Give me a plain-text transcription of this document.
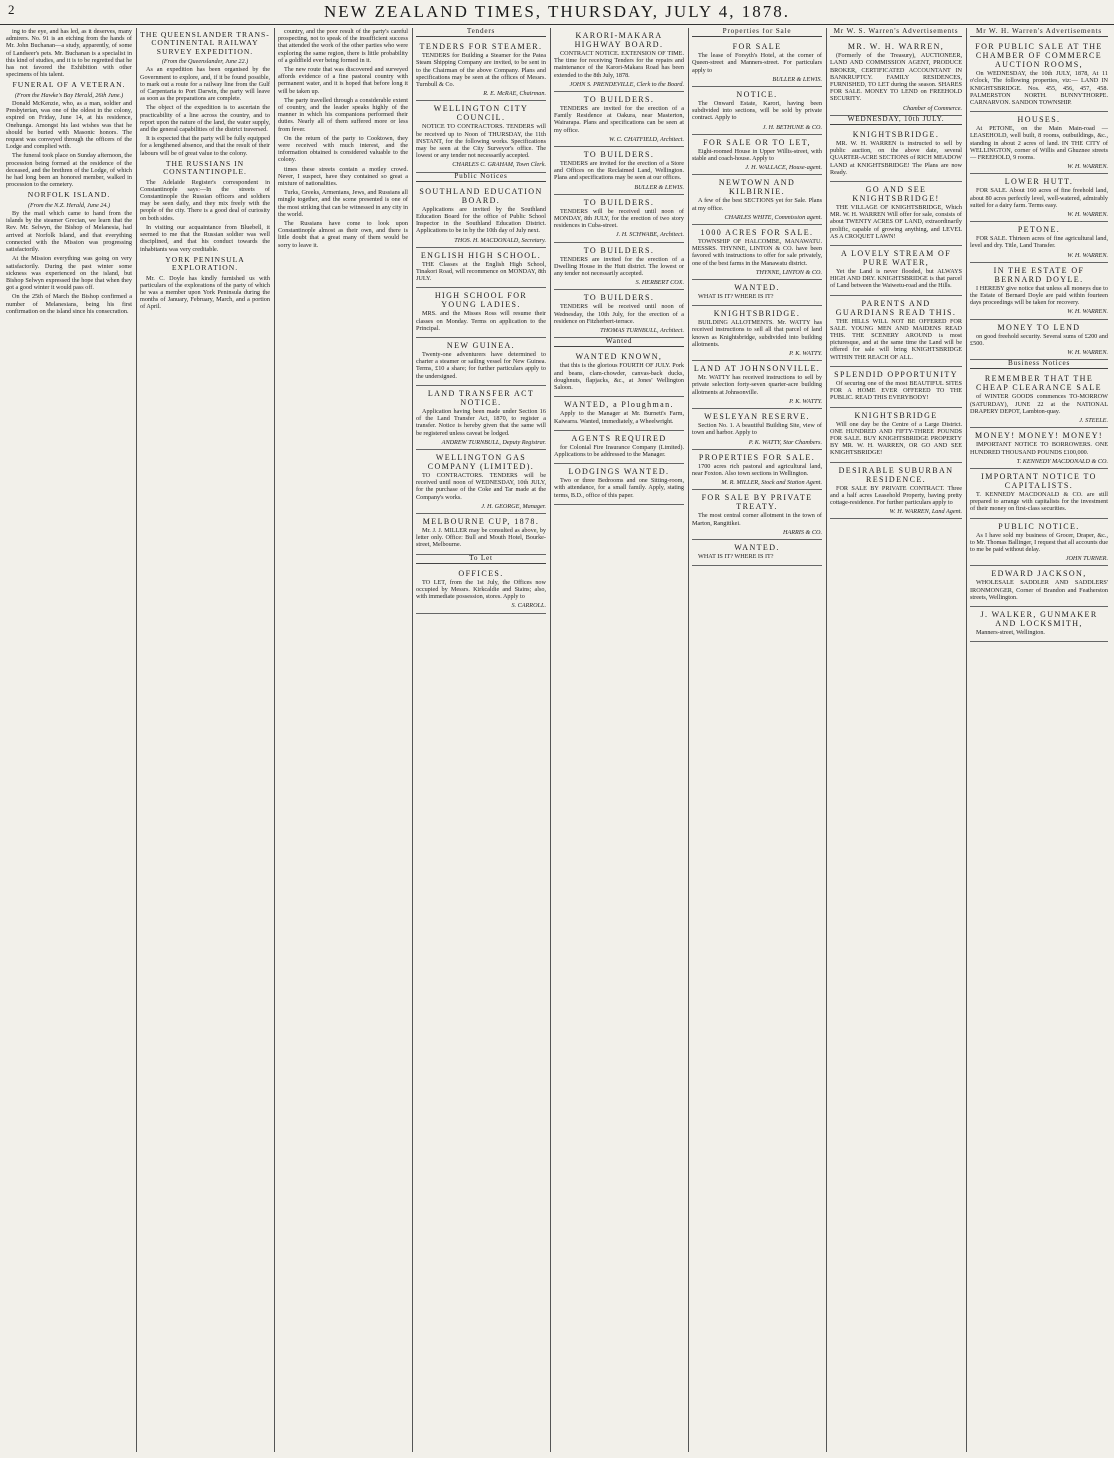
2	NEW ZEALAND TIMES, THURSDAY, JULY 4, 1878.

ing to the eye, and has led, as it deserves, many admirers. No. 91 is an etching from the hands of Mr. John Buchanan—a study, apparently, of some of Landseer's pets. Mr. Buchanan is a specialist in this kind of studies, and it is to be regretted that he has not favored the Exhibition with other specimens of his talent.

FUNERAL OF A VETERAN.
(From the Hawke's Bay Herald, 26th June.)

Donald McKenzie, who, as a man, soldier and Presbyterian, was one of the oldest in the colony, expired on Friday, June 14, at his residence, Onehunga. Amongst his last wishes was that he should be buried with Masonic honors. The request was conveyed through the officers of the Lodge and complied with.

The funeral took place on Sunday afternoon, the procession being formed at the residence of the deceased, and the brethren of the Lodge, of which he had long been an honored member, walked in procession to the cemetery.

NORFOLK ISLAND.
(From the N.Z. Herald, June 24.)

By the mail which came to hand from the islands by the steamer Grecian, we learn that the Rev. Mr. Selwyn, the Bishop of Melanesia, had arrived at Norfolk Island, and that everything connected with the Mission was progressing satisfactorily.

At the Mission everything was going on very satisfactorily. During the past winter some sickness was experienced on the island, but Bishop Selwyn expressed the hope that when they got a good winter it would pass off.

On the 25th of March the Bishop confirmed a number of Melanesians, being his first confirmation on the island since his consecration.

THE QUEENSLANDER TRANS-CONTINENTAL RAILWAY SURVEY EXPEDITION.
(From the Queenslander, June 22.)

As an expedition has been organised by the Government to explore, and, if it be found possible, to mark out a route for a railway line from the Gulf of Carpentaria to Port Darwin, the party will leave as soon as the preparations are complete.

The object of the expedition is to ascertain the practicability of a line across the country, and to report upon the nature of the land, the water supply, and the general capabilities of the district traversed.

It is expected that the party will be fully equipped for a lengthened absence, and that the result of their labours will be of great value to the colony.

THE RUSSIANS IN CONSTANTINOPLE.

The Adelaide Register's correspondent in Constantinople says:—In the streets of Constantinople the Russian officers and soldiers may be seen daily, and they mix freely with the people of the city. There is a good deal of curiosity on both sides.

In visiting our acquaintance from Bluebell, it seemed to me that the Russian soldier was well disciplined, and that his conduct towards the inhabitants was very creditable.

YORK PENINSULA EXPLORATION.

Mr. C. Doyle has kindly furnished us with particulars of the explorations of the party of which he was a member upon York Peninsula during the months of January, February, March, and a portion of April.

country, and the poor result of the party's careful prospecting, not to speak of the insufficient success that attended the work of the other parties who were exploring the same region, there is little probability of a goldfield ever being formed in it.

The new route that was discovered and surveyed affords evidence of a fine pastoral country with permanent water, and it is hoped that before long it will be taken up.

The party travelled through a considerable extent of country, and the leader speaks highly of the manner in which his companions performed their duties. Nearly all of them suffered more or less from fever.

On the return of the party to Cooktown, they were received with much interest, and the information obtained is considered valuable to the colony.

times these streets contain a motley crowd. Never, I suspect, have they contained so great a mixture of nationalities.

Turks, Greeks, Armenians, Jews, and Russians all mingle together, and the scene presented is one of the most striking that can be witnessed in any city in the world.

The Russians have come to look upon Constantinople almost as their own, and there is little doubt that a great many of them would be sorry to leave it.

Tenders
TENDERS FOR STEAMER.

TENDERS for Building a Steamer for the Patea Steam Shipping Company are invited, to be sent in to the Chairman of the above Company. Plans and specifications may be seen at the offices of Messrs. Turnbull & Co.

R. E. McRAE, Chairman.
WELLINGTON CITY COUNCIL.

NOTICE TO CONTRACTORS. TENDERS will be received up to Noon of THURSDAY, the 11th INSTANT, for the following works. Specifications may be seen at the City Surveyor's office. The lowest or any tender not necessarily accepted.

CHARLES C. GRAHAM, Town Clerk.
Public Notices
SOUTHLAND EDUCATION BOARD.

Applications are invited by the Southland Education Board for the office of Public School Inspector in the Southland Education District. Applications to be in by the 10th day of July next.

THOS. H. MACDONALD, Secretary.
ENGLISH HIGH SCHOOL.

THE Classes at the English High School, Tinakori Road, will recommence on MONDAY, 8th JULY.

HIGH SCHOOL FOR YOUNG LADIES.

MRS. and the Misses Ross will resume their classes on Monday. Terms on application to the Principal.

NEW GUINEA.

Twenty-one adventurers have determined to charter a steamer or sailing vessel for New Guinea. Terms, £10 a share; for further particulars apply to the undersigned.

LAND TRANSFER ACT NOTICE.

Application having been made under Section 16 of the Land Transfer Act, 1870, to register a transfer. Notice is hereby given that the same will be registered unless caveat be lodged.

ANDREW TURNBULL, Deputy Registrar.
WELLINGTON GAS COMPANY (LIMITED).

TO CONTRACTORS. TENDERS will be received until noon of WEDNESDAY, 10th JULY, for the purchase of the Coke and Tar made at the Company's works.

J. H. GEORGE, Manager.
MELBOURNE CUP, 1878.

Mr. J. J. MILLER may be consulted as above, by letter only. Office: Bull and Mouth Hotel, Bourke-street, Melbourne.

To Let
OFFICES.

TO LET, from the 1st July, the Offices now occupied by Messrs. Kirkcaldie and Stains; also, with immediate possession, stores. Apply to

S. CARROLL.
KARORI-MAKARA HIGHWAY BOARD.

CONTRACT NOTICE. EXTENSION OF TIME. The time for receiving Tenders for the repairs and maintenance of the Karori-Makara Road has been extended to the 8th July, 1878.

JOHN S. PRENDEVILLE, Clerk to the Board.
TO BUILDERS.

TENDERS are invited for the erection of a Family Residence at Oakura, near Masterton, Wairarapa. Plans and specifications can be seen at my office.

W. C. CHATFIELD, Architect.
TO BUILDERS.

TENDERS are invited for the erection of a Store and Offices on the Reclaimed Land, Wellington. Plans and specifications may be seen at our offices.

BULLER & LEWIS.
TO BUILDERS.

TENDERS will be received until noon of MONDAY, 8th JULY, for the erection of two story residences in Cuba-street.

J. H. SCHWABE, Architect.
TO BUILDERS.

TENDERS are invited for the erection of a Dwelling House in the Hutt district. The lowest or any tender not necessarily accepted.

S. HERBERT COX.
TO BUILDERS.

TENDERS will be received until noon of Wednesday, the 10th July, for the erection of a residence on Fitzherbert-terrace.

THOMAS TURNBULL, Architect.
Wanted
WANTED KNOWN,

that this is the glorious FOURTH OF JULY. Pork and beans, clam-chowder, canvas-back ducks, doughnuts, flapjacks, &c., at Jones' Wellington Saloon.

WANTED, a Ploughman.

Apply to the Manager at Mr. Burnett's Farm, Kaiwarra. Wanted, immediately, a Wheelwright.

AGENTS REQUIRED

for Colonial Fire Insurance Company (Limited). Applications to be addressed to the Manager.

LODGINGS WANTED.

Two or three Bedrooms and one Sitting-room, with attendance, for a small family. Apply, stating terms, B.D., office of this paper.

Properties for Sale
FOR SALE

The lease of Forsyth's Hotel, at the corner of Queen-street and Manners-street. For particulars apply to

BULLER & LEWIS.
NOTICE.

The Onward Estate, Karori, having been subdivided into sections, will be sold by private contract. Apply to

J. H. BETHUNE & CO.
FOR SALE OR TO LET,

Eight-roomed House in Upper Willis-street, with stable and coach-house. Apply to

J. H. WALLACE, House-agent.
NEWTOWN AND KILBIRNIE.

A few of the best SECTIONS yet for Sale. Plans at my office.

CHARLES WHITE, Commission agent.
1000 ACRES FOR SALE.

TOWNSHIP OF HALCOMBE, MANAWATU. MESSRS. THYNNE, LINTON & CO. have been favored with instructions to offer for sale privately, one of the best farms in the Manawatu district.

THYNNE, LINTON & CO.
WANTED.

WHAT IS IT? WHERE IS IT?

KNIGHTSBRIDGE.

BUILDING ALLOTMENTS. Mr. WATTY has received instructions to sell all that parcel of land known as Knightsbridge, subdivided into building allotments.

P. K. WATTY.
LAND AT JOHNSONVILLE.

Mr. WATTY has received instructions to sell by private selection forty-seven quarter-acre building allotments at Johnsonville.

P. K. WATTY.
WESLEYAN RESERVE.

Section No. 1. A beautiful Building Site, view of town and harbor. Apply to

P. K. WATTY, Star Chambers.
PROPERTIES FOR SALE.

1700 acres rich pastoral and agricultural land, near Foxton. Also town sections in Wellington.

M. R. MILLER, Stock and Station Agent.
FOR SALE BY PRIVATE TREATY.

The most central corner allotment in the town of Marton, Rangitikei.

HARRIS & CO.
WANTED.

WHAT IS IT? WHERE IS IT?

Mr W. S. Warren's Advertisements
MR. W. H. WARREN,

(Formerly of the Treasury), AUCTIONEER, LAND AND COMMISSION AGENT, PRODUCE BROKER, CERTIFICATED ACCOUNTANT IN BANKRUPTCY. FAMILY RESIDENCES, FURNISHED, TO LET during the season. SHARES FOR SALE. MONEY TO LEND on FREEHOLD SECURITY.

Chamber of Commerce.
WEDNESDAY, 10th JULY.
KNIGHTSBRIDGE.

MR. W. H. WARREN is instructed to sell by public auction, on the above date, several QUARTER-ACRE SECTIONS of RICH MEADOW LAND at KNIGHTSBRIDGE! The Plans are now Ready.

GO AND SEE KNIGHTSBRIDGE!

THE VILLAGE OF KNIGHTSBRIDGE, Which MR. W. H. WARREN Will offer for sale, consists of about TWENTY ACRES OF LAND, extraordinarily prolific, capable of growing anything, and LEVEL AS A CROQUET LAWN!

A LOVELY STREAM OF PURE WATER,

Yet the Land is never flooded, but ALWAYS HIGH AND DRY. KNIGHTSBRIDGE is that parcel of Land between the Waiwetu-road and the Hills.

PARENTS AND GUARDIANS READ THIS.

THE HILLS WILL NOT BE OFFERED FOR SALE. YOUNG MEN AND MAIDENS READ THIS. THE SCENERY AROUND is most picturesque, and at the same time the Land will be offered for sale will bring KNIGHTSBRIDGE WITHIN THE REACH OF ALL.

SPLENDID OPPORTUNITY

Of securing one of the most BEAUTIFUL SITES FOR A HOME EVER OFFERED TO THE PUBLIC. READ THIS EVERYBODY!

KNIGHTSBRIDGE

Will one day be the Centre of a Large District. ONE HUNDRED AND FIFTY-THREE POUNDS FOR SALE. BUY KNIGHTSBRIDGE PROPERTY BY MR. W. H. WARREN, OR GO AND SEE KNIGHTSBRIDGE!

DESIRABLE SUBURBAN RESIDENCE.

FOR SALE BY PRIVATE CONTRACT. Three and a half acres Leasehold Property, having pretty cottage-residence. For further particulars apply to

W. H. WARREN, Land Agent.
Mr W. H. Warren's Advertisements
FOR PUBLIC SALE AT THE CHAMBER OF COMMERCE AUCTION ROOMS,

On WEDNESDAY, the 10th JULY, 1878, At 11 o'clock, The following properties, viz:— LAND IN KNIGHTSBRIDGE. Nos. 455, 456, 457, 458. PALMERSTON NORTH. BUNNYTHORPE. CARNARVON. SANDON TOWNSHIP.

HOUSES.

At PETONE, on the Main Main-road — LEASEHOLD, well built, 8 rooms, outbuildings, &c., standing in about 2 acres of land. IN THE CITY of WELLINGTON, corner of Willis and Ghuznee streets — FREEHOLD, 9 rooms.

W. H. WARREN.
LOWER HUTT.

FOR SALE. About 160 acres of fine freehold land, about 80 acres perfectly level, well-watered, admirably suited for a dairy farm. Terms easy.

W. H. WARREN.
PETONE.

FOR SALE. Thirteen acres of fine agricultural land, level and dry. Title, Land Transfer.

W. H. WARREN.
IN THE ESTATE OF BERNARD DOYLE.

I HEREBY give notice that unless all moneys due to the Estate of Bernard Doyle are paid within fourteen days proceedings will be taken for recovery.

W. H. WARREN.
MONEY TO LEND

on good freehold security. Several sums of £200 and £500.

W. H. WARREN.
Business Notices
REMEMBER THAT THE CHEAP CLEARANCE SALE

of WINTER GOODS commences TO-MORROW (SATURDAY), JUNE 22 at the NATIONAL DRAPERY DEPOT, Lambton-quay.

J. STEELE.
MONEY! MONEY! MONEY!

IMPORTANT NOTICE TO BORROWERS. ONE HUNDRED THOUSAND POUNDS £100,000.

T. KENNEDY MACDONALD & CO.
IMPORTANT NOTICE TO CAPITALISTS.

T. KENNEDY MACDONALD & CO. are still prepared to arrange with capitalists for the investment of their money on first-class securities.

PUBLIC NOTICE.

As I have sold my business of Grocer, Draper, &c., to Mr. Thomas Ballinger, I request that all accounts due to me be paid without delay.

JOHN TURNER.
EDWARD JACKSON,

WHOLESALE SADDLER AND SADDLERS' IRONMONGER, Corner of Brandon and Featherston streets, Wellington.

J. WALKER, GUNMAKER AND LOCKSMITH,

Manners-street, Wellington.
